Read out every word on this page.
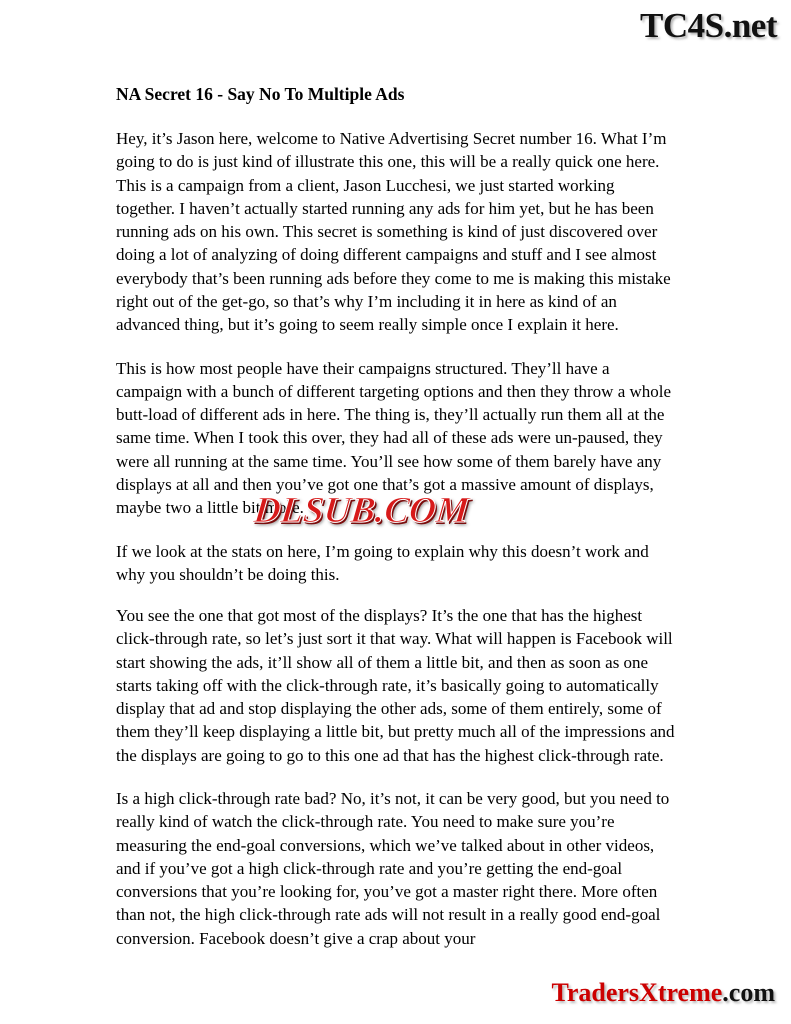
TC4S.net
NA Secret 16 - Say No To Multiple Ads

Hey, it’s Jason here, welcome to Native Advertising Secret number 16. What I’m going to do is just kind of illustrate this one, this will be a really quick one here. This is a campaign from a client, Jason Lucchesi, we just started working together. I haven’t actually started running any ads for him yet, but he has been running ads on his own. This secret is something is kind of just discovered over doing a lot of analyzing of doing different campaigns and stuff and I see almost everybody that’s been running ads before they come to me is making this mistake right out of the get-go, so that’s why I’m including it in here as kind of an advanced thing, but it’s going to seem really simple once I explain it here.

This is how most people have their campaigns structured. They’ll have a campaign with a bunch of different targeting options and then they throw a whole butt-load of different ads in here. The thing is, they’ll actually run them all at the same time. When I took this over, they had all of these ads were un-paused, they were all running at the same time. You’ll see how some of them barely have any displays at all and then you’ve got one that’s got a massive amount of displays, maybe two a little bit more.

If we look at the stats on here, I’m going to explain why this doesn’t work and why you shouldn’t be doing this.

You see the one that got most of the displays? It’s the one that has the highest click-through rate, so let’s just sort it that way. What will happen is Facebook will start showing the ads, it’ll show all of them a little bit, and then as soon as one starts taking off with the click-through rate, it’s basically going to automatically display that ad and stop displaying the other ads, some of them entirely, some of them they’ll keep displaying a little bit, but pretty much all of the impressions and the displays are going to go to this one ad that has the highest click-through rate.

Is a high click-through rate bad? No, it’s not, it can be very good, but you need to really kind of watch the click-through rate. You need to make sure you’re measuring the end-goal conversions, which we’ve talked about in other videos, and if you’ve got a high click-through rate and you’re getting the end-goal conversions that you’re looking for, you’ve got a master right there. More often than not, the high click-through rate ads will not result in a really good end-goal conversion. Facebook doesn’t give a crap about your

DLSUB.COM
TradersXtreme.com
